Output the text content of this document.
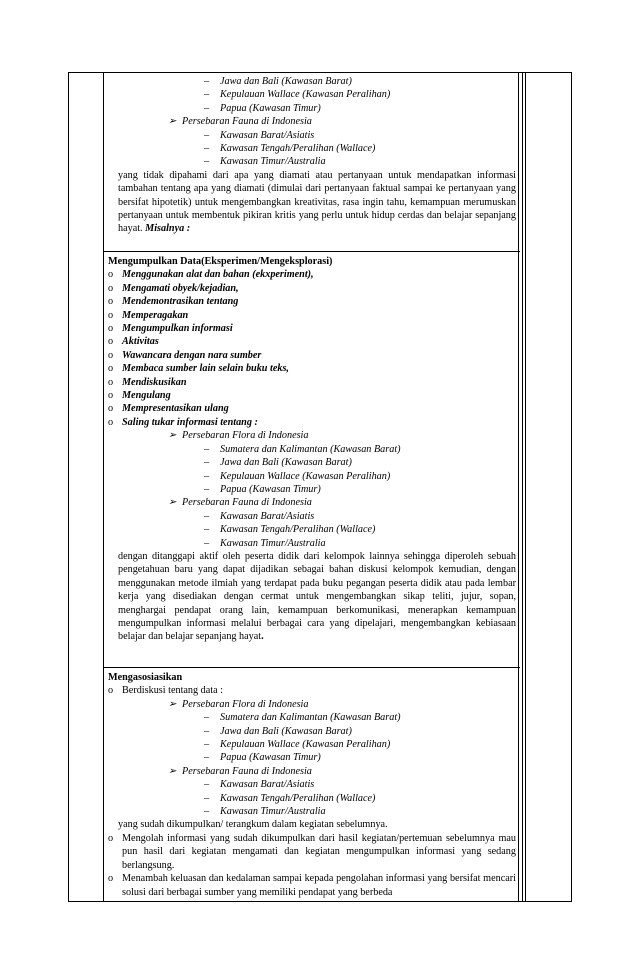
– Jawa dan Bali (Kawasan Barat)
– Kepulauan Wallace (Kawasan Peralihan)
– Papua (Kawasan Timur)
➢ Persebaran Fauna di Indonesia
– Kawasan Barat/Asiatis
– Kawasan Tengah/Peralihan (Wallace)
– Kawasan Timur/Australia
yang tidak dipahami dari apa yang diamati atau pertanyaan untuk mendapatkan informasi tambahan tentang apa yang diamati (dimulai dari pertanyaan faktual sampai ke pertanyaan yang bersifat hipotetik) untuk mengembangkan kreativitas, rasa ingin tahu, kemampuan merumuskan pertanyaan untuk membentuk pikiran kritis yang perlu untuk hidup cerdas dan belajar sepanjang hayat. Misalnya :
Mengumpulkan Data(Eksperimen/Mengeksplorasi)
o Menggunakan alat dan bahan (ekxperiment),
o Mengamati obyek/kejadian,
o Mendemontrasikan tentang
o Memperagakan
o Mengumpulkan informasi
o Aktivitas
o Wawancara dengan nara sumber
o Membaca sumber lain selain buku teks,
o Mendiskusikan
o Mengulang
o Mempresentasikan ulang
o Saling tukar informasi tentang :
➢ Persebaran Flora di Indonesia
– Sumatera dan Kalimantan (Kawasan Barat)
– Jawa dan Bali (Kawasan Barat)
– Kepulauan Wallace (Kawasan Peralihan)
– Papua (Kawasan Timur)
➢ Persebaran Fauna di Indonesia
– Kawasan Barat/Asiatis
– Kawasan Tengah/Peralihan (Wallace)
– Kawasan Timur/Australia
dengan ditanggapi aktif oleh peserta didik dari kelompok lainnya sehingga diperoleh sebuah pengetahuan baru yang dapat dijadikan sebagai bahan diskusi kelompok kemudian, dengan menggunakan metode ilmiah yang terdapat pada buku pegangan peserta didik atau pada lembar kerja yang disediakan dengan cermat untuk mengembangkan sikap teliti, jujur, sopan, menghargai pendapat orang lain, kemampuan berkomunikasi, menerapkan kemampuan mengumpulkan informasi melalui berbagai cara yang dipelajari, mengembangkan kebiasaan belajar dan belajar sepanjang hayat.
Mengasosiasikan
o Berdiskusi tentang data :
➢ Persebaran Flora di Indonesia
– Sumatera dan Kalimantan (Kawasan Barat)
– Jawa dan Bali (Kawasan Barat)
– Kepulauan Wallace (Kawasan Peralihan)
– Papua (Kawasan Timur)
➢ Persebaran Fauna di Indonesia
– Kawasan Barat/Asiatis
– Kawasan Tengah/Peralihan (Wallace)
– Kawasan Timur/Australia
yang sudah dikumpulkan/ terangkum dalam kegiatan sebelumnya.
o Mengolah informasi yang sudah dikumpulkan dari hasil kegiatan/pertemuan sebelumnya mau pun hasil dari kegiatan mengamati dan kegiatan mengumpulkan informasi yang sedang berlangsung.
o Menambah keluasan dan kedalaman sampai kepada pengolahan informasi yang bersifat mencari solusi dari berbagai sumber yang memiliki pendapat yang berbeda
